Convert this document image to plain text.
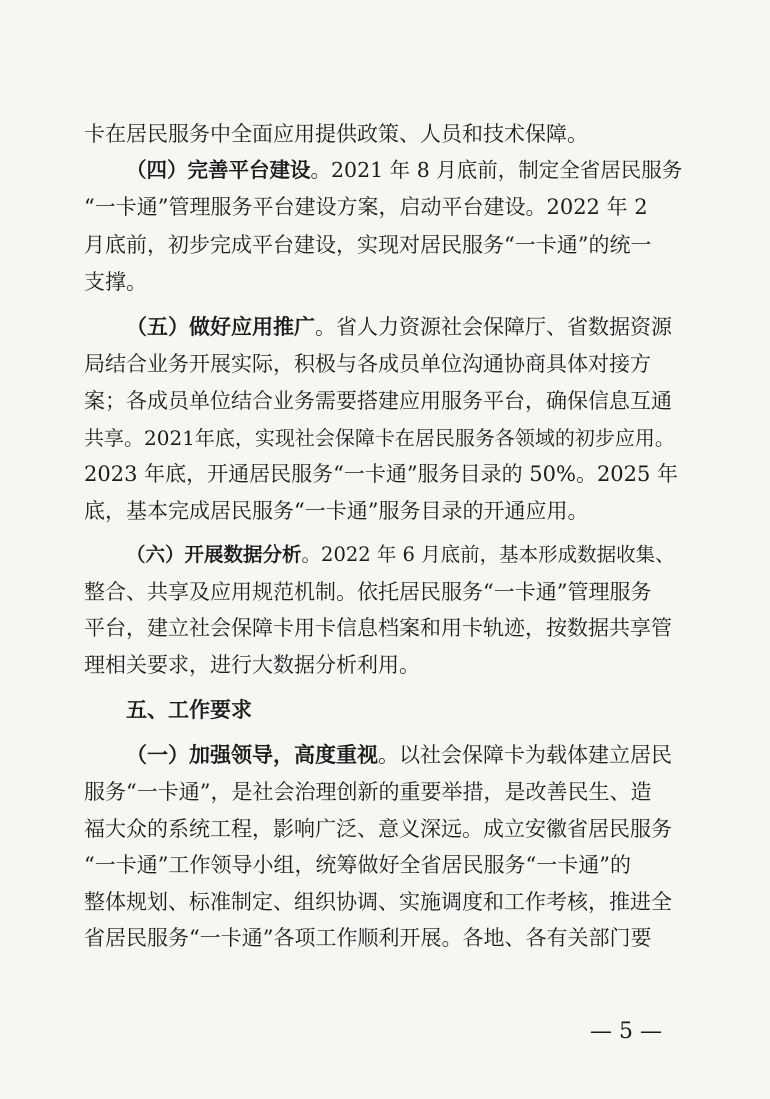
卡在居民服务中全面应用提供政策、人员和技术保障。
（四）完善平台建设。2021 年 8 月底前，制定全省居民服务
“一卡通”管理服务平台建设方案，启动平台建设。2022 年 2
月底前，初步完成平台建设，实现对居民服务“一卡通”的统一
支撑。
（五）做好应用推广。省人力资源社会保障厅、省数据资源
局结合业务开展实际，积极与各成员单位沟通协商具体对接方
案；各成员单位结合业务需要搭建应用服务平台，确保信息互通
共享。2021年底，实现社会保障卡在居民服务各领域的初步应用。
2023 年底，开通居民服务“一卡通”服务目录的 50%。2025 年
底，基本完成居民服务“一卡通”服务目录的开通应用。
（六）开展数据分析。2022 年 6 月底前，基本形成数据收集、
整合、共享及应用规范机制。依托居民服务“一卡通”管理服务
平台，建立社会保障卡用卡信息档案和用卡轨迹，按数据共享管
理相关要求，进行大数据分析利用。
五、工作要求
（一）加强领导，高度重视。以社会保障卡为载体建立居民
服务“一卡通”，是社会治理创新的重要举措，是改善民生、造
福大众的系统工程，影响广泛、意义深远。成立安徽省居民服务
“一卡通”工作领导小组，统筹做好全省居民服务“一卡通”的
整体规划、标准制定、组织协调、实施调度和工作考核，推进全
省居民服务“一卡通”各项工作顺利开展。各地、各有关部门要
— 5 —
